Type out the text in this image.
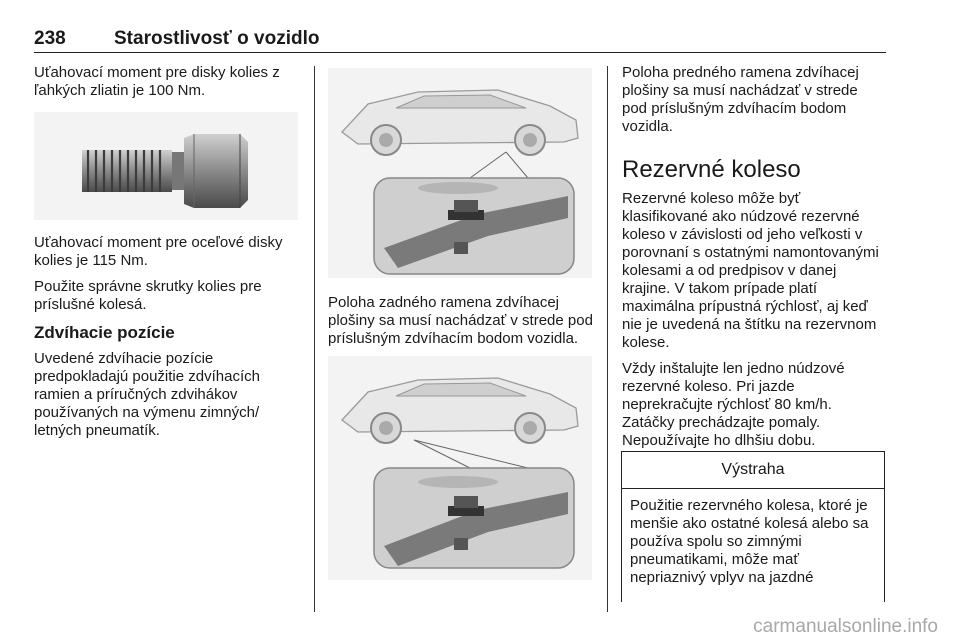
238	Starostlivosť o vozidlo

Uťahovací moment pre disky kolies z ľahkých zliatin je 100 Nm.

Uťahovací moment pre oceľové disky kolies je 115 Nm.

Použite správne skrutky kolies pre príslušné kolesá.

Zdvíhacie pozície

Uvedené zdvíhacie pozície predpokladajú použitie zdvíhacích ramien a príručných zdvihákov používaných na výmenu zimných/ letných pneumatík.

Poloha zadného ramena zdvíhacej plošiny sa musí nachádzať v strede pod príslušným zdvíhacím bodom vozidla.

Poloha predného ramena zdvíhacej plošiny sa musí nachádzať v strede pod príslušným zdvíhacím bodom vozidla.

Rezervné koleso

Rezervné koleso môže byť klasifikované ako núdzové rezervné koleso v závislosti od jeho veľkosti v porovnaní s ostatnými namontovanými kolesami a od predpisov v danej krajine. V takom prípade platí maximálna prípustná rýchlosť, aj keď nie je uvedená na štítku na rezervnom kolese.

Vždy inštalujte len jedno núdzové rezervné koleso. Pri jazde neprekračujte rýchlosť 80 km/h. Zatáčky prechádzajte pomaly. Nepoužívajte ho dlhšiu dobu.

Výstraha
Použitie rezervného kolesa, ktoré je menšie ako ostatné kolesá alebo sa používa spolu so zimnými pneumatikami, môže mať nepriaznivý vplyv na jazdné
carmanualsonline.info
